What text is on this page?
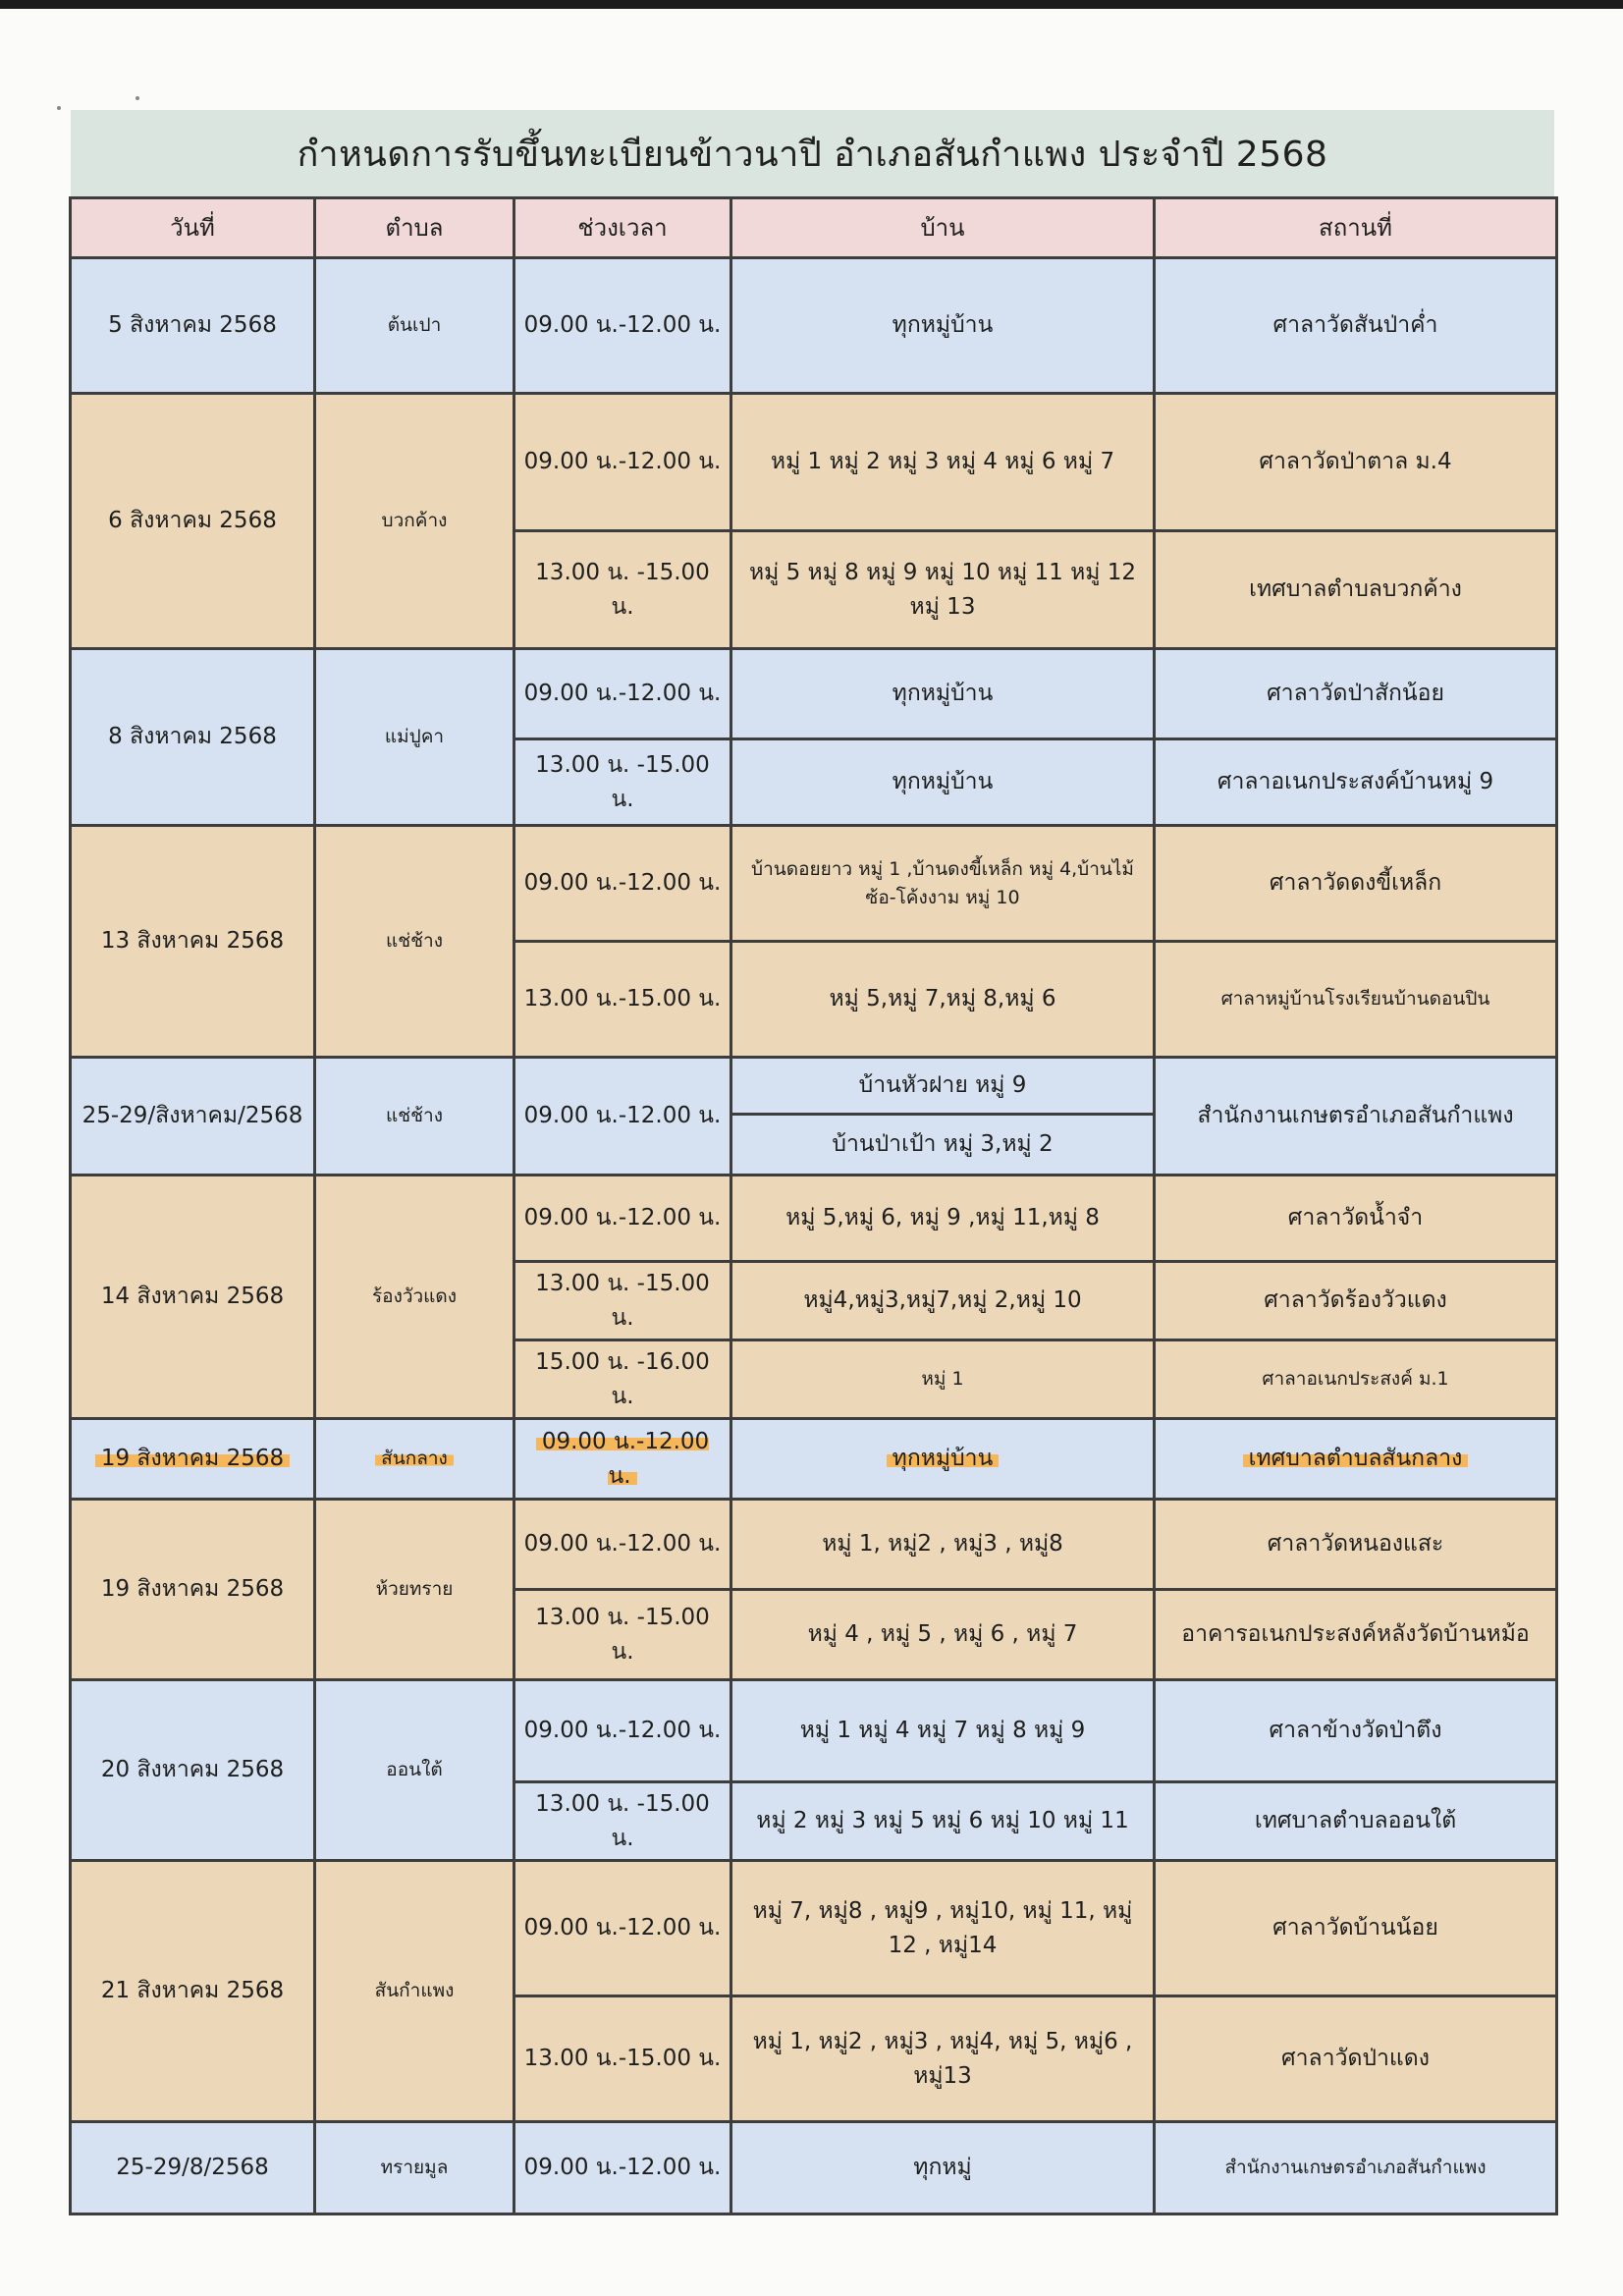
กำหนดการรับขึ้นทะเบียนข้าวนาปี อำเภอสันกำแพง ประจำปี 2568
วันที่	ตำบล	ช่วงเวลา	บ้าน	สถานที่
5 สิงหาคม 2568	ต้นเปา	09.00 น.-12.00 น.	ทุกหมู่บ้าน	ศาลาวัดสันป่าค่ำ
6 สิงหาคม 2568	บวกค้าง	09.00 น.-12.00 น.	หมู่ 1 หมู่ 2 หมู่ 3 หมู่ 4 หมู่ 6 หมู่ 7	ศาลาวัดป่าตาล ม.4
		13.00 น. -15.00 น.	หมู่ 5 หมู่ 8 หมู่ 9 หมู่ 10 หมู่ 11 หมู่ 12 หมู่ 13	เทศบาลตำบลบวกค้าง
8 สิงหาคม 2568	แม่ปูคา	09.00 น.-12.00 น.	ทุกหมู่บ้าน	ศาลาวัดป่าสักน้อย
		13.00 น. -15.00 น.	ทุกหมู่บ้าน	ศาลาอเนกประสงค์บ้านหมู่ 9
13 สิงหาคม 2568	แช่ช้าง	09.00 น.-12.00 น.	บ้านดอยยาว หมู่ 1 ,บ้านดงขี้เหล็ก หมู่ 4,บ้านไม้ซ้อ-โค้งงาม หมู่ 10	ศาลาวัดดงขี้เหล็ก
		13.00 น.-15.00 น.	หมู่ 5,หมู่ 7,หมู่ 8,หมู่ 6	ศาลาหมู่บ้านโรงเรียนบ้านดอนปิน
25-29/สิงหาคม/2568	แช่ช้าง	09.00 น.-12.00 น.	บ้านหัวฝาย หมู่ 9	สำนักงานเกษตรอำเภอสันกำแพง
			บ้านป่าเป้า หมู่ 3,หมู่ 2	
14 สิงหาคม 2568	ร้องวัวแดง	09.00 น.-12.00 น.	หมู่ 5,หมู่ 6, หมู่ 9 ,หมู่ 11,หมู่ 8	ศาลาวัดน้ำจำ
		13.00 น. -15.00 น.	หมู่4,หมู่3,หมู่7,หมู่ 2,หมู่ 10	ศาลาวัดร้องวัวแดง
		15.00 น. -16.00 น.	หมู่ 1	ศาลาอเนกประสงค์ ม.1
19 สิงหาคม 2568	สันกลาง	09.00 น.-12.00 น.	ทุกหมู่บ้าน	เทศบาลตำบลสันกลาง
19 สิงหาคม 2568	ห้วยทราย	09.00 น.-12.00 น.	หมู่ 1, หมู่2 , หมู่3 , หมู่8	ศาลาวัดหนองแสะ
		13.00 น. -15.00 น.	หมู่ 4 , หมู่ 5 , หมู่ 6 , หมู่ 7	อาคารอเนกประสงค์หลังวัดบ้านหม้อ
20 สิงหาคม 2568	ออนใต้	09.00 น.-12.00 น.	หมู่ 1 หมู่ 4 หมู่ 7 หมู่ 8 หมู่ 9	ศาลาข้างวัดป่าตึง
		13.00 น. -15.00 น.	หมู่ 2 หมู่ 3 หมู่ 5 หมู่ 6 หมู่ 10 หมู่ 11	เทศบาลตำบลออนใต้
21 สิงหาคม 2568	สันกำแพง	09.00 น.-12.00 น.	หมู่ 7, หมู่8 , หมู่9 , หมู่10, หมู่ 11, หมู่ 12 , หมู่14	ศาลาวัดบ้านน้อย
		13.00 น.-15.00 น.	หมู่ 1, หมู่2 , หมู่3 , หมู่4, หมู่ 5, หมู่6 , หมู่13	ศาลาวัดป่าแดง
25-29/8/2568	ทรายมูล	09.00 น.-12.00 น.	ทุกหมู่	สำนักงานเกษตรอำเภอสันกำแพง
